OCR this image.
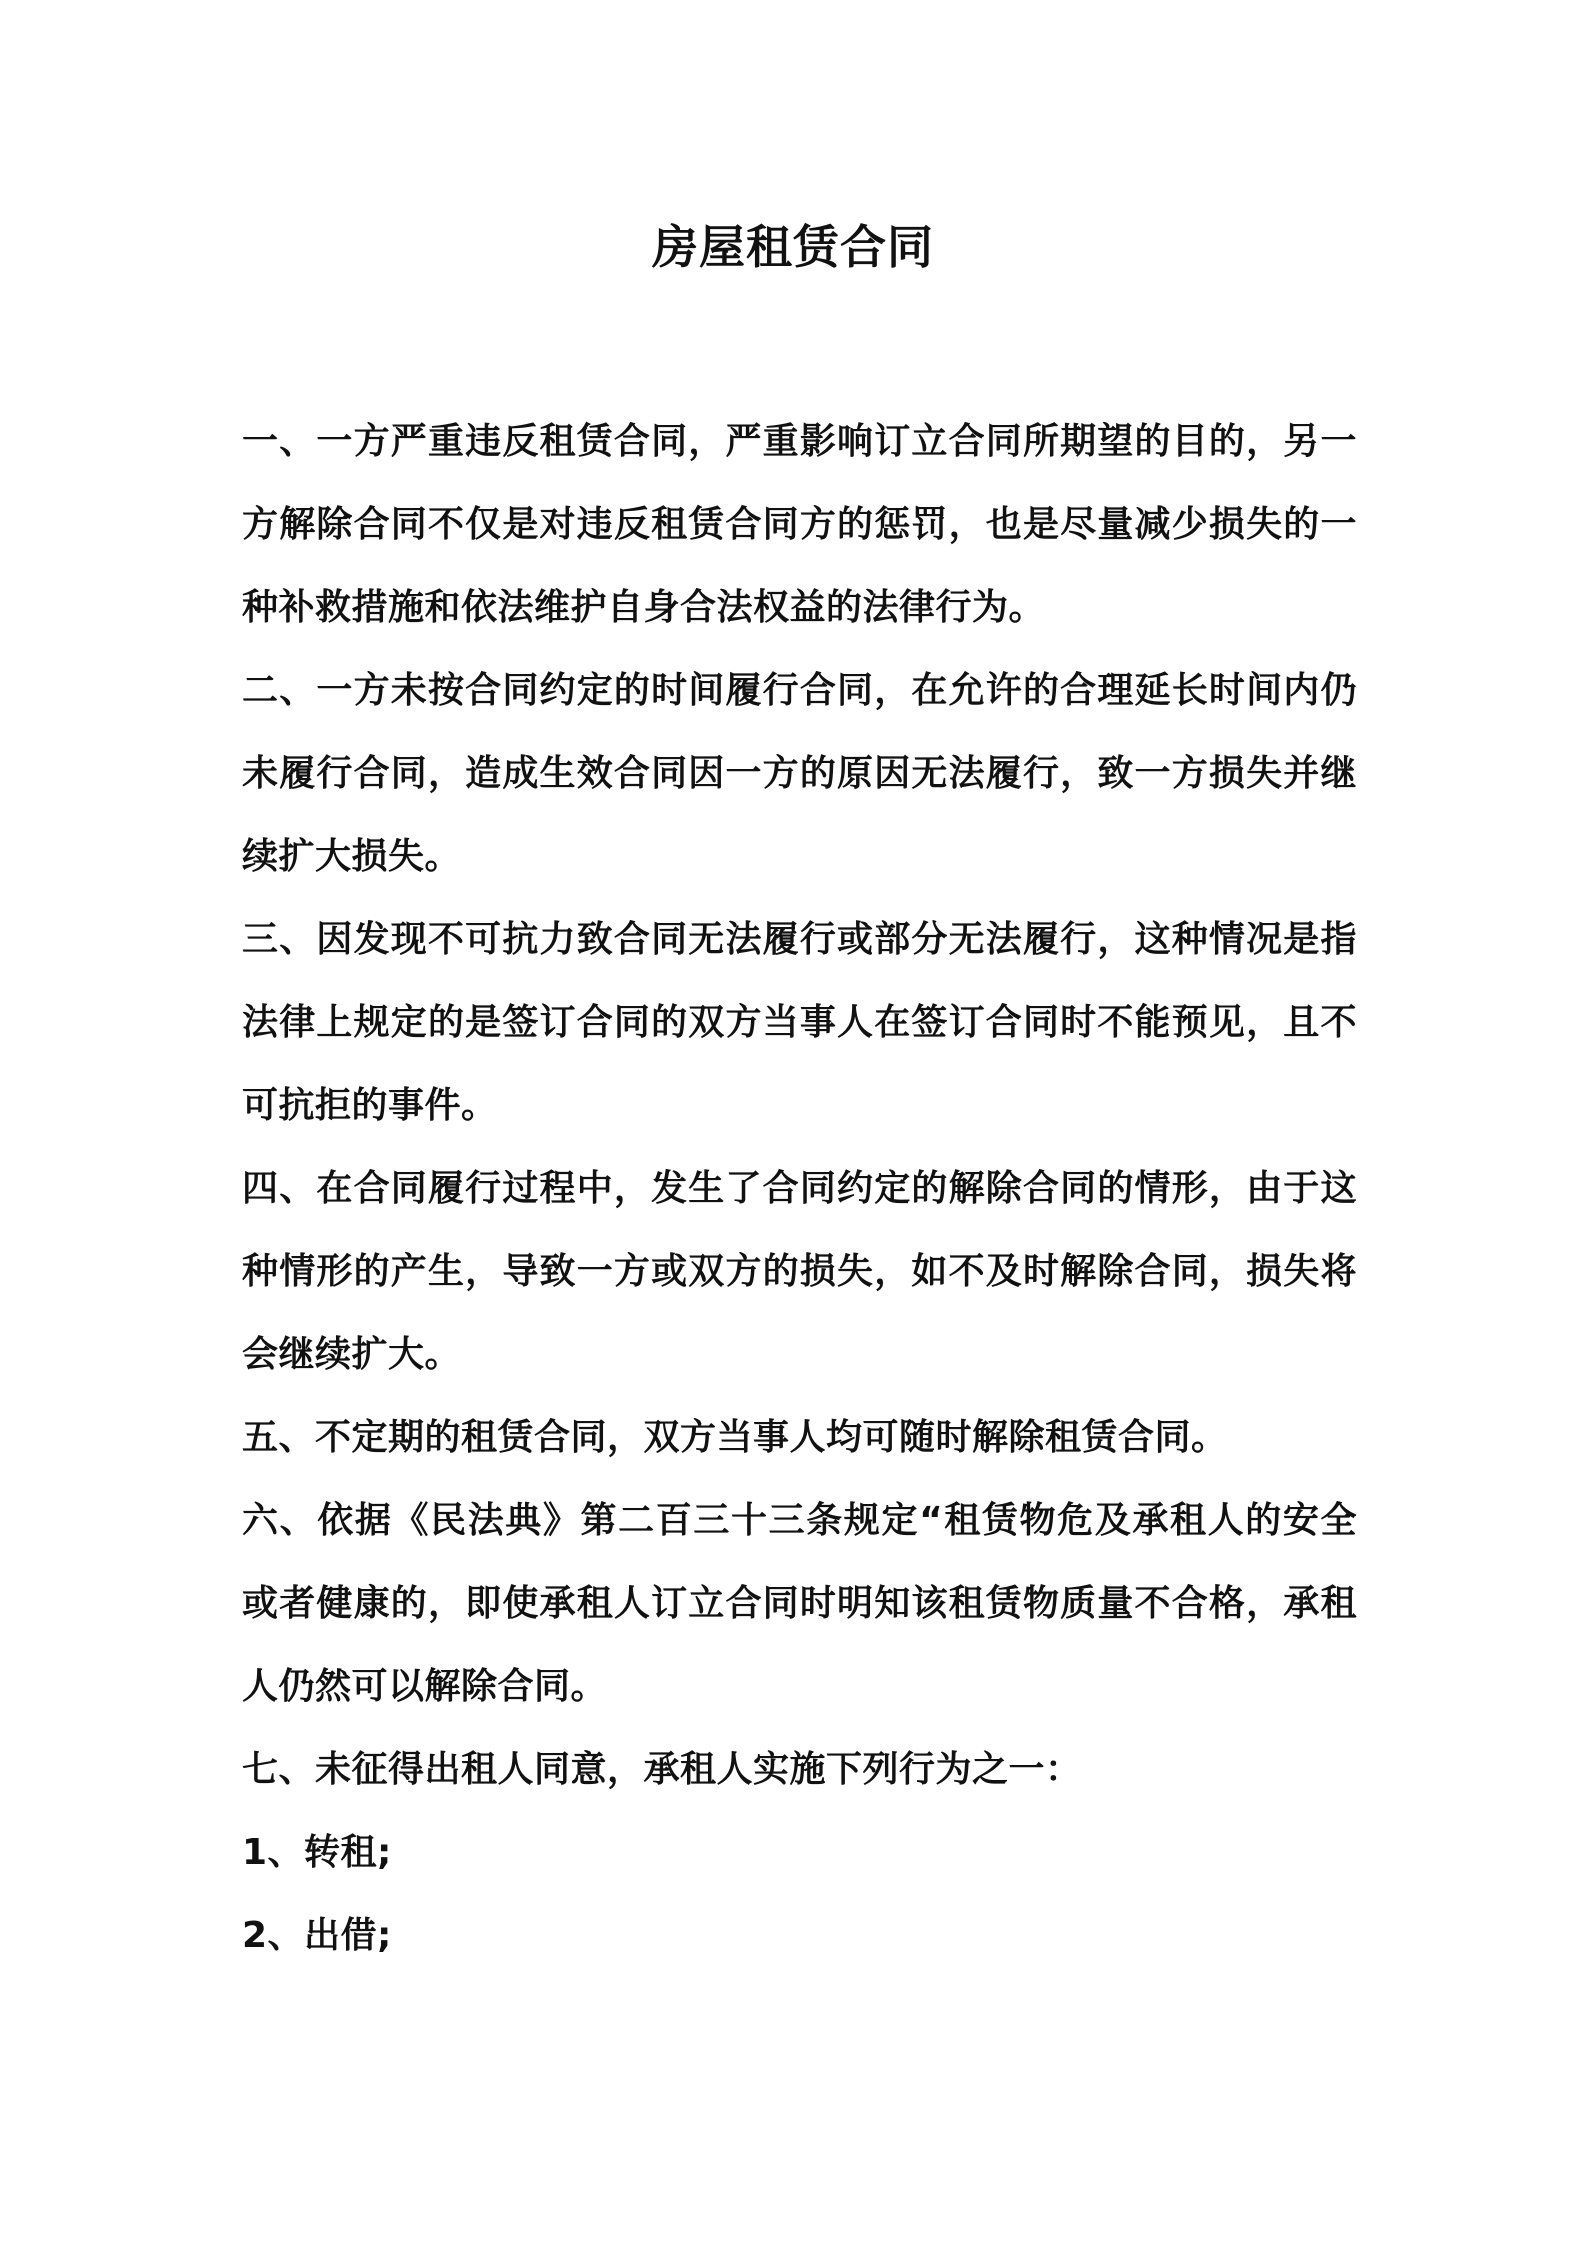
房屋租赁合同

一、一方严重违反租赁合同，严重影响订立合同所期望的目的，另一方解除合同不仅是对违反租赁合同方的惩罚，也是尽量减少损失的一种补救措施和依法维护自身合法权益的法律行为。

二、一方未按合同约定的时间履行合同，在允许的合理延长时间内仍未履行合同，造成生效合同因一方的原因无法履行，致一方损失并继续扩大损失。

三、因发现不可抗力致合同无法履行或部分无法履行，这种情况是指法律上规定的是签订合同的双方当事人在签订合同时不能预见，且不可抗拒的事件。

四、在合同履行过程中，发生了合同约定的解除合同的情形，由于这种情形的产生，导致一方或双方的损失，如不及时解除合同，损失将会继续扩大。

五、不定期的租赁合同，双方当事人均可随时解除租赁合同。

六、依据《民法典》第二百三十三条规定“租赁物危及承租人的安全或者健康的，即使承租人订立合同时明知该租赁物质量不合格，承租人仍然可以解除合同。

七、未征得出租人同意，承租人实施下列行为之一：

1、转租;

2、出借;
